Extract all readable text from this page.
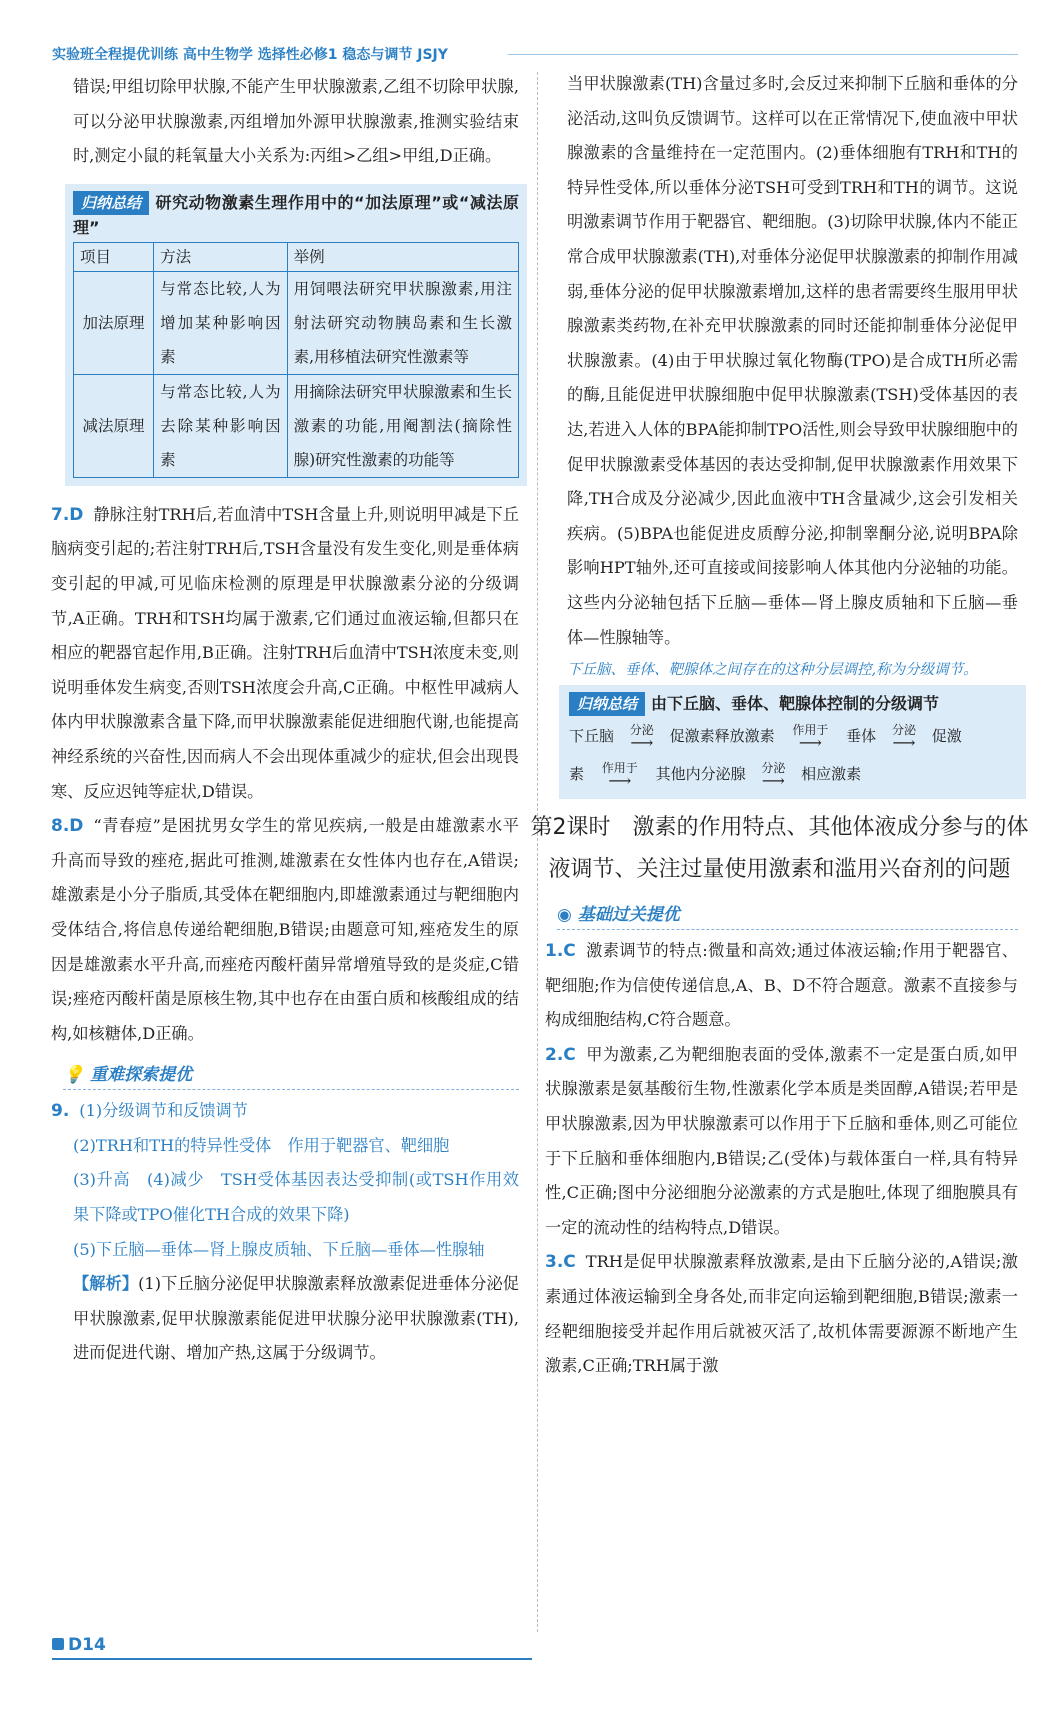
实验班全程提优训练 高中生物学 选择性必修1 稳态与调节 JSJY

错误;甲组切除甲状腺,不能产生甲状腺激素,乙组不切除甲状腺,可以分泌甲状腺激素,丙组增加外源甲状腺激素,推测实验结束时,测定小鼠的耗氧量大小关系为:丙组>乙组>甲组,D正确。

归纳总结 研究动物激素生理作用中的“加法原理”或“减法原理”
项目	方法	举例
加法原理	与常态比较,人为增加某种影响因素	用饲喂法研究甲状腺激素,用注射法研究动物胰岛素和生长激素,用移植法研究性激素等
减法原理	与常态比较,人为去除某种影响因素	用摘除法研究甲状腺激素和生长激素的功能,用阉割法(摘除性腺)研究性激素的功能等

7.D 静脉注射TRH后,若血清中TSH含量上升,则说明甲减是下丘脑病变引起的;若注射TRH后,TSH含量没有发生变化,则是垂体病变引起的甲减,可见临床检测的原理是甲状腺激素分泌的分级调节,A正确。TRH和TSH均属于激素,它们通过血液运输,但都只在相应的靶器官起作用,B正确。注射TRH后血清中TSH浓度未变,则说明垂体发生病变,否则TSH浓度会升高,C正确。中枢性甲减病人体内甲状腺激素含量下降,而甲状腺激素能促进细胞代谢,也能提高神经系统的兴奋性,因而病人不会出现体重减少的症状,但会出现畏寒、反应迟钝等症状,D错误。

8.D “青春痘”是困扰男女学生的常见疾病,一般是由雄激素水平升高而导致的痤疮,据此可推测,雄激素在女性体内也存在,A错误;雄激素是小分子脂质,其受体在靶细胞内,即雄激素通过与靶细胞内受体结合,将信息传递给靶细胞,B错误;由题意可知,痤疮发生的原因是雄激素水平升高,而痤疮丙酸杆菌异常增殖导致的是炎症,C错误;痤疮丙酸杆菌是原核生物,其中也存在由蛋白质和核酸组成的结构,如核糖体,D正确。

💡 重难探索提优

9. (1)分级调节和反馈调节

(2)TRH和TH的特异性受体　作用于靶器官、靶细胞

(3)升高　(4)减少　TSH受体基因表达受抑制(或TSH作用效果下降或TPO催化TH合成的效果下降)

(5)下丘脑—垂体—肾上腺皮质轴、下丘脑—垂体—性腺轴

【解析】(1)下丘脑分泌促甲状腺激素释放激素促进垂体分泌促甲状腺激素,促甲状腺激素能促进甲状腺分泌甲状腺激素(TH),进而促进代谢、增加产热,这属于分级调节。

当甲状腺激素(TH)含量过多时,会反过来抑制下丘脑和垂体的分泌活动,这叫负反馈调节。这样可以在正常情况下,使血液中甲状腺激素的含量维持在一定范围内。(2)垂体细胞有TRH和TH的特异性受体,所以垂体分泌TSH可受到TRH和TH的调节。这说明激素调节作用于靶器官、靶细胞。(3)切除甲状腺,体内不能正常合成甲状腺激素(TH),对垂体分泌促甲状腺激素的抑制作用减弱,垂体分泌的促甲状腺激素增加,这样的患者需要终生服用甲状腺激素类药物,在补充甲状腺激素的同时还能抑制垂体分泌促甲状腺激素。(4)由于甲状腺过氧化物酶(TPO)是合成TH所必需的酶,且能促进甲状腺细胞中促甲状腺激素(TSH)受体基因的表达,若进入人体的BPA能抑制TPO活性,则会导致甲状腺细胞中的促甲状腺激素受体基因的表达受抑制,促甲状腺激素作用效果下降,TH合成及分泌减少,因此血液中TH含量减少,这会引发相关疾病。(5)BPA也能促进皮质醇分泌,抑制睾酮分泌,说明BPA除影响HPT轴外,还可直接或间接影响人体其他内分泌轴的功能。这些内分泌轴包括下丘脑—垂体—肾上腺皮质轴和下丘脑—垂体—性腺轴等。

下丘脑、垂体、靶腺体之间存在的这种分层调控,称为分级调节。
归纳总结 由下丘脑、垂体、靶腺体控制的分级调节
下丘脑 分泌
⟶	促激素释放激素 作用于
⟶	垂体 分泌
⟶	促激
素 作用于
⟶	其他内分泌腺 分泌
⟶	相应激素
第2课时　激素的作用特点、其他体液成分参与的体液调节、关注过量使用激素和滥用兴奋剂的问题
◉ 基础过关提优

1.C 激素调节的特点:微量和高效;通过体液运输;作用于靶器官、靶细胞;作为信使传递信息,A、B、D不符合题意。激素不直接参与构成细胞结构,C符合题意。

2.C 甲为激素,乙为靶细胞表面的受体,激素不一定是蛋白质,如甲状腺激素是氨基酸衍生物,性激素化学本质是类固醇,A错误;若甲是甲状腺激素,因为甲状腺激素可以作用于下丘脑和垂体,则乙可能位于下丘脑和垂体细胞内,B错误;乙(受体)与载体蛋白一样,具有特异性,C正确;图中分泌细胞分泌激素的方式是胞吐,体现了细胞膜具有一定的流动性的结构特点,D错误。

3.C TRH是促甲状腺激素释放激素,是由下丘脑分泌的,A错误;激素通过体液运输到全身各处,而非定向运输到靶细胞,B错误;激素一经靶细胞接受并起作用后就被灭活了,故机体需要源源不断地产生激素,C正确;TRH属于激

D14
